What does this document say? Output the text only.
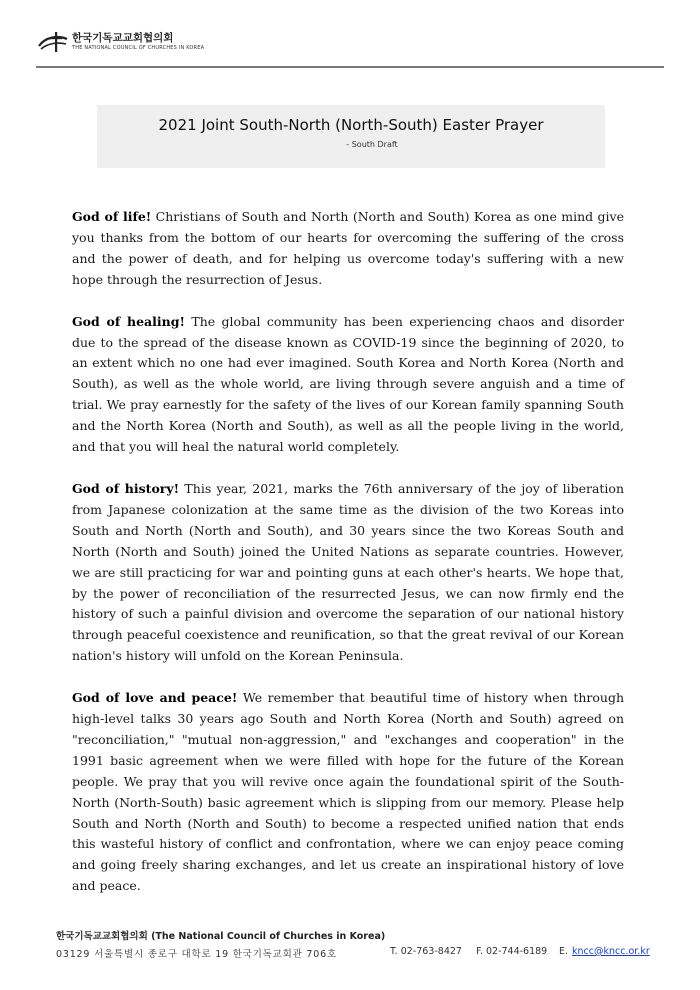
한국기독교교회협의회
THE NATIONAL COUNCIL OF CHURCHES IN KOREA
2021 Joint South-North (North-South) Easter Prayer
- South Draft

God of life! Christians of South and North (North and South) Korea as one mind give you thanks from the bottom of our hearts for overcoming the suffering of the cross and the power of death, and for helping us overcome today's suffering with a new hope through the resurrection of Jesus.

God of healing! The global community has been experiencing chaos and disorder due to the spread of the disease known as COVID-19 since the beginning of 2020, to an extent which no one had ever imagined. South Korea and North Korea (North and South), as well as the whole world, are living through severe anguish and a time of trial. We pray earnestly for the safety of the lives of our Korean family spanning South and the North Korea (North and South), as well as all the people living in the world, and that you will heal the natural world completely.

God of history! This year, 2021, marks the 76th anniversary of the joy of liberation from Japanese colonization at the same time as the division of the two Koreas into South and North (North and South), and 30 years since the two Koreas South and North (North and South) joined the United Nations as separate countries. However, we are still practicing for war and pointing guns at each other's hearts. We hope that, by the power of reconciliation of the resurrected Jesus, we can now firmly end the history of such a painful division and overcome the separation of our national history through peaceful coexistence and reunification, so that the great revival of our Korean nation's history will unfold on the Korean Peninsula.

God of love and peace! We remember that beautiful time of history when through high-level talks 30 years ago South and North Korea (North and South) agreed on "reconciliation," "mutual non-aggression," and "exchanges and cooperation" in the 1991 basic agreement when we were filled with hope for the future of the Korean people. We pray that you will revive once again the foundational spirit of the South-North (North-South) basic agreement which is slipping from our memory. Please help South and North (North and South) to become a respected unified nation that ends this wasteful history of conflict and confrontation, where we can enjoy peace coming and going freely sharing exchanges, and let us create an inspirational history of love and peace.

한국기독교교회협의회 (The National Council of Churches in Korea)
03129 서울특별시 종로구 대학로 19 한국기독교회관 706호	T. 02-763-8427 F. 02-744-6189 E. kncc@kncc.or.kr
